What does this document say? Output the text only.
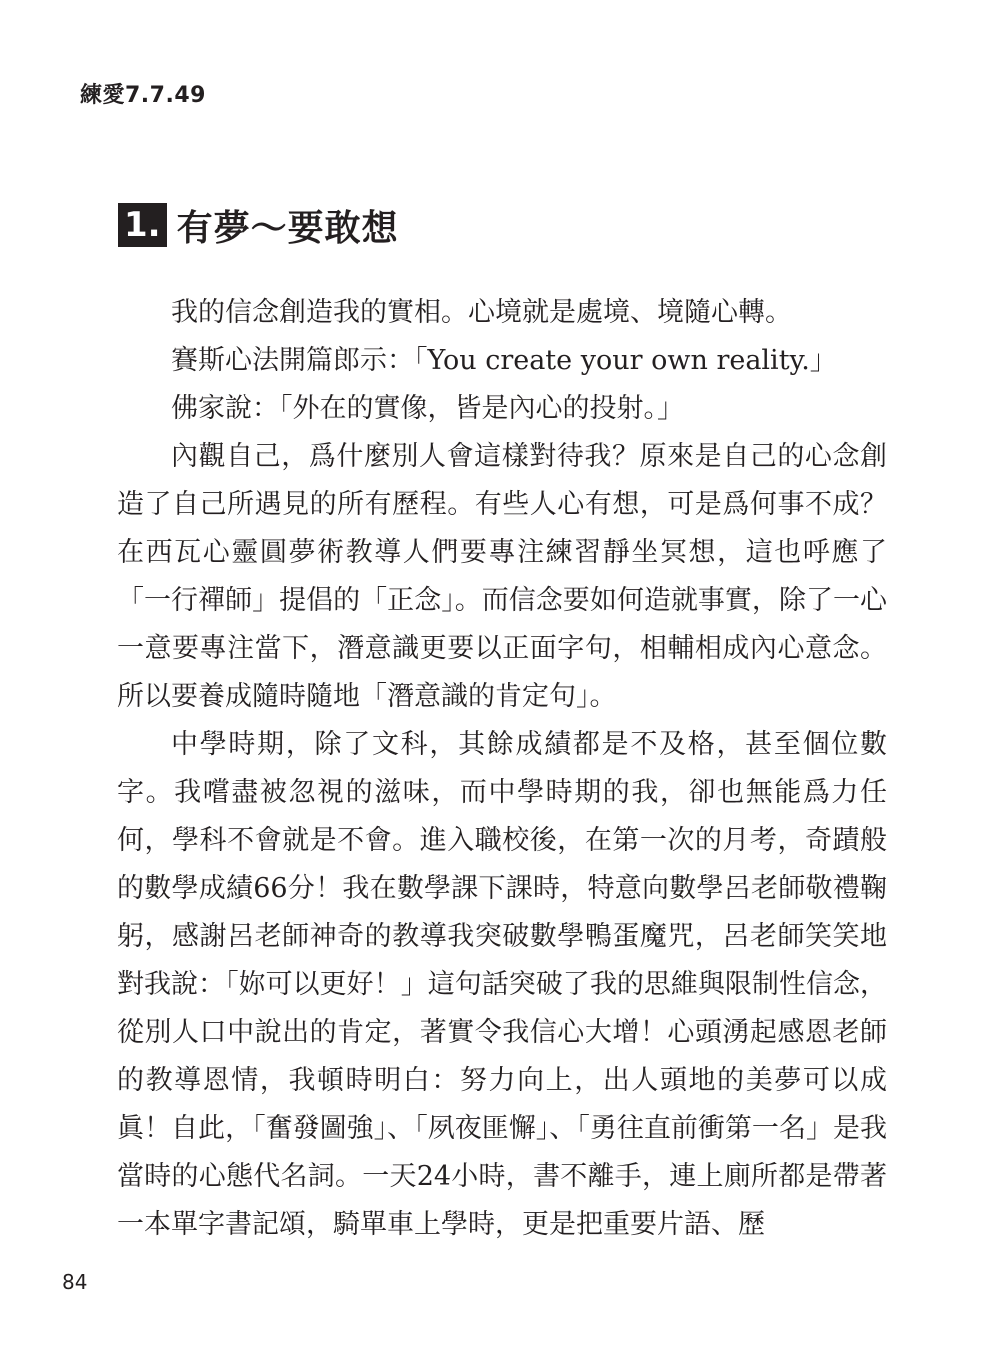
練愛7.7.49
1. 有夢～要敢想

我的信念創造我的實相。心境就是處境、境隨心轉。

賽斯心法開篇郎示：「You create your own reality.」

佛家說：「外在的實像，皆是內心的投射。」

內觀自己，爲什麼別人會這樣對待我？原來是自己的心念創造了自己所遇見的所有歷程。有些人心有想，可是爲何事不成？在西瓦心靈圓夢術教導人們要專注練習靜坐冥想，這也呼應了「一行禪師」提倡的「正念」。而信念要如何造就事實，除了一心一意要專注當下，潛意識更要以正面字句，相輔相成內心意念。所以要養成隨時隨地「潛意識的肯定句」。

中學時期，除了文科，其餘成績都是不及格，甚至個位數字。我嚐盡被忽視的滋味，而中學時期的我，卻也無能爲力任何，學科不會就是不會。進入職校後，在第一次的月考，奇蹟般的數學成績66分！我在數學課下課時，特意向數學呂老師敬禮鞠躬，感謝呂老師神奇的教導我突破數學鴨蛋魔咒，呂老師笑笑地對我說：「妳可以更好！」這句話突破了我的思維與限制性信念，從別人口中說出的肯定，著實令我信心大增！心頭湧起感恩老師的教導恩情，我頓時明白：努力向上，出人頭地的美夢可以成眞！自此，「奮發圖強」、「夙夜匪懈」、「勇往直前衝第一名」是我當時的心態代名詞。一天24小時，書不離手，連上廁所都是帶著一本單字書記頌，騎單車上學時，更是把重要片語、歷

84
